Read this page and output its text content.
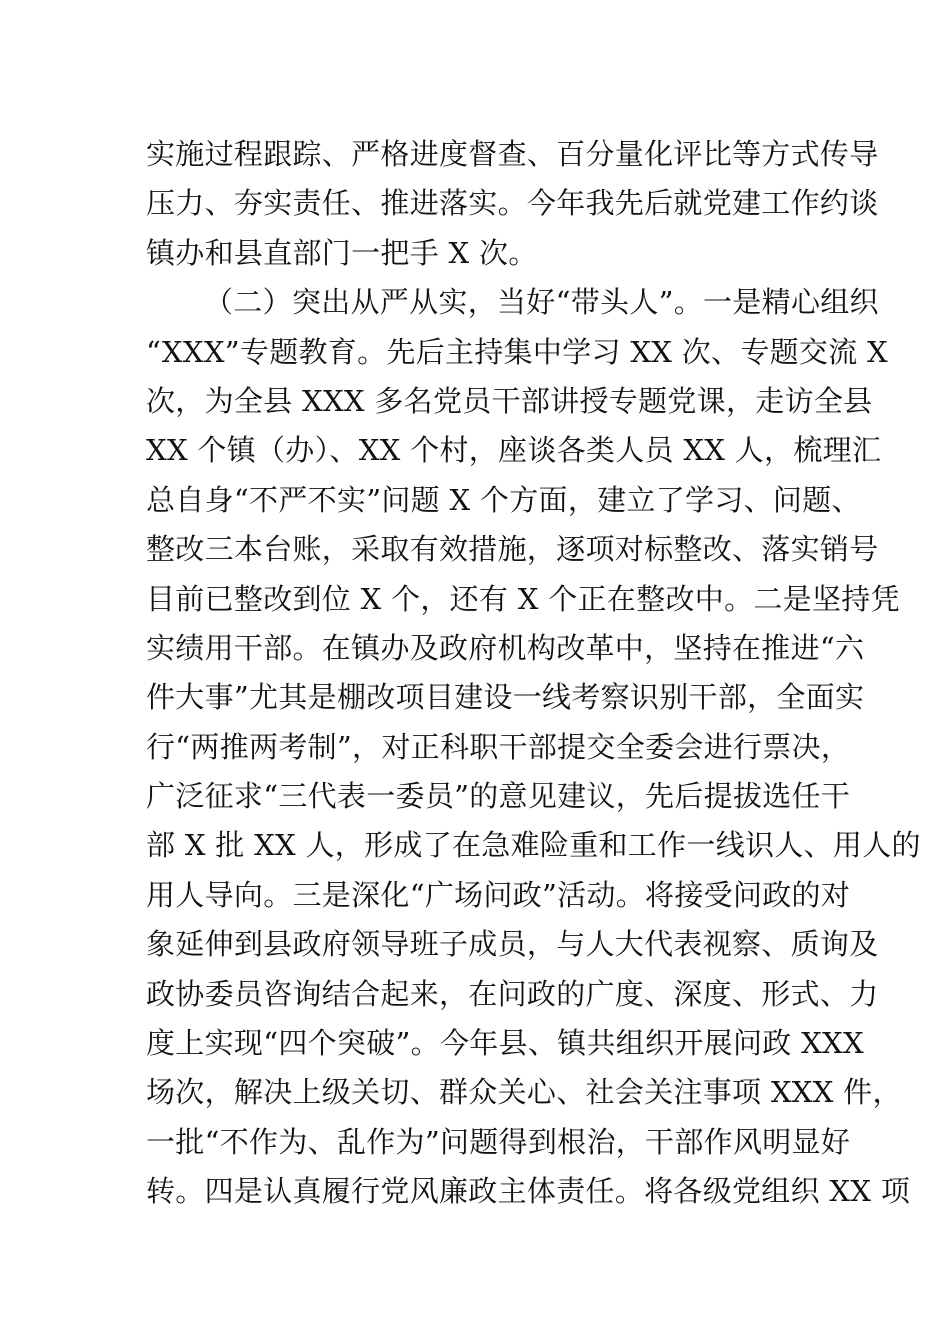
实施过程跟踪、严格进度督查、百分量化评比等方式传导
压力、夯实责任、推进落实。今年我先后就党建工作约谈
镇办和县直部门一把手 X 次。
（二）突出从严从实，当好“带头人”。一是精心组织
“XXX”专题教育。先后主持集中学习 XX 次、专题交流 X
次，为全县 XXX 多名党员干部讲授专题党课，走访全县
XX 个镇（办）、XX 个村，座谈各类人员 XX 人，梳理汇
总自身“不严不实”问题 X 个方面，建立了学习、问题、
整改三本台账，采取有效措施，逐项对标整改、落实销号
目前已整改到位 X 个，还有 X 个正在整改中。二是坚持凭
实绩用干部。在镇办及政府机构改革中，坚持在推进“六
件大事”尤其是棚改项目建设一线考察识别干部，全面实
行“两推两考制”，对正科职干部提交全委会进行票决，
广泛征求“三代表一委员”的意见建议，先后提拔选任干
部 X 批 XX 人，形成了在急难险重和工作一线识人、用人的
用人导向。三是深化“广场问政”活动。将接受问政的对
象延伸到县政府领导班子成员，与人大代表视察、质询及
政协委员咨询结合起来，在问政的广度、深度、形式、力
度上实现“四个突破”。今年县、镇共组织开展问政 XXX
场次，解决上级关切、群众关心、社会关注事项 XXX 件，
一批“不作为、乱作为”问题得到根治，干部作风明显好
转。四是认真履行党风廉政主体责任。将各级党组织 XX 项
